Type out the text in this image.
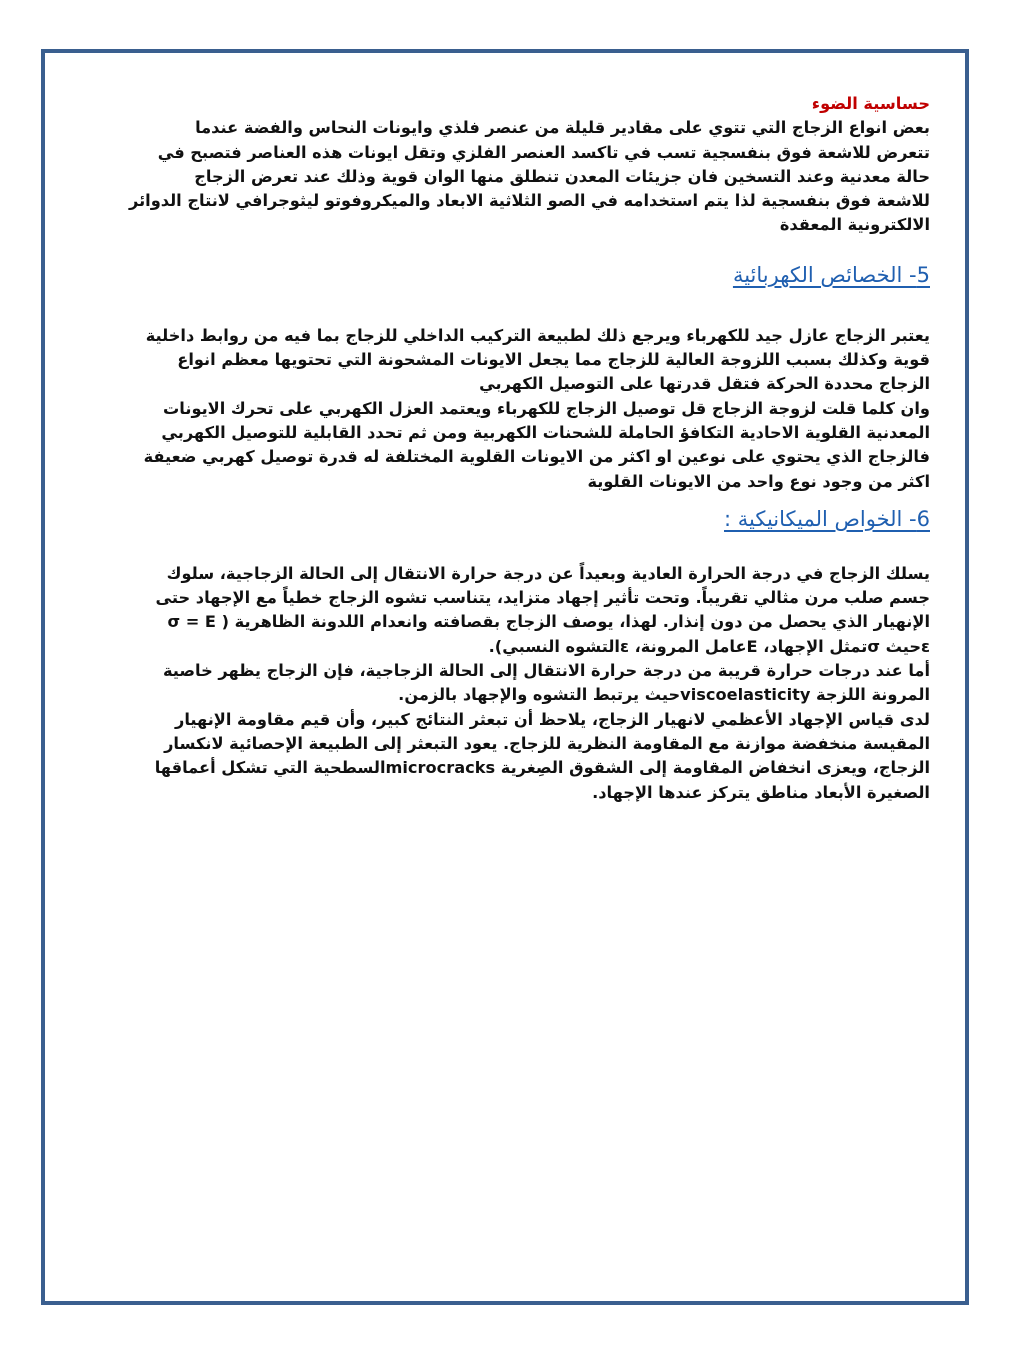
حساسية الضوء

بعض انواع الزجاج التي تتوي على مقادير قليلة من عنصر فلذي وايونات النحاس والفضة عندما
تتعرض للاشعة فوق بنفسجية تسب في تاكسد العنصر الفلزي وتقل ايونات هذه العناصر فتصبح في
حالة معدنية وعند التسخين فان جزيئات المعدن تنطلق منها الوان قوية وذلك عند تعرض الزجاج
للاشعة فوق بنفسجية لذا يتم استخدامه في الصو الثلاثية الابعاد والميكروفوتو ليثوجرافي لانتاج الدوائر
الالكترونية المعقدة

5- الخصائص الكهربائية

يعتبر الزجاج عازل جيد للكهرباء ويرجع ذلك لطبيعة التركيب الداخلي للزجاج بما فيه من روابط داخلية
قوية وكذلك بسبب اللزوجة العالية للزجاج مما يجعل الايونات المشحونة التي تحتويها معظم انواع
الزجاج محددة الحركة فتقل قدرتها على التوصيل الكهربي
وان كلما قلت لزوجة الزجاج قل توصيل الزجاج للكهرباء ويعتمد العزل الكهربي على تحرك الايونات
المعدنية القلوية الاحادية التكافؤ الحاملة للشحنات الكهربية ومن ثم تحدد القابلية للتوصيل الكهربي
فالزجاج الذي يحتوي على نوعين او اكثر من الايونات القلوية المختلفة له قدرة توصيل كهربي ضعيفة
اكثر من وجود نوع واحد من الايونات القلوية

6- الخواص الميكانيكية :

يسلك الزجاج في درجة الحرارة العادية وبعيداً عن درجة حرارة الانتقال إلى الحالة الزجاجية، سلوك
جسم صلب مرن مثالي تقريباً. وتحت تأثير إجهاد متزايد، يتناسب تشوه الزجاج خطياً مع الإجهاد حتى
الإنهيار الذي يحصل من دون إنذار. لهذا، يوصف الزجاج بقصافته وانعدام اللدونة الظاهرية ( σ = E
εحيث σتمثل الإجهاد، Eعامل المرونة، εالتشوه النسبي).
أما عند درجات حرارة قريبة من درجة حرارة الانتقال إلى الحالة الزجاجية، فإن الزجاج يظهر خاصية
المرونة اللزجة viscoelasticityحيث يرتبط التشوه والإجهاد بالزمن.
لدى قياس الإجهاد الأعظمي لانهيار الزجاج، يلاحظ أن تبعثر النتائج كبير، وأن قيم مقاومة الإنهيار
المقيسة منخفضة موازنة مع المقاومة النظرية للزجاج. يعود التبعثر إلى الطبيعة الإحصائية لانكسار
الزجاج، ويعزى انخفاض المقاومة إلى الشقوق الصِغرية microcracksالسطحية التي تشكل أعماقها
الصغيرة الأبعاد مناطق يتركز عندها الإجهاد.
